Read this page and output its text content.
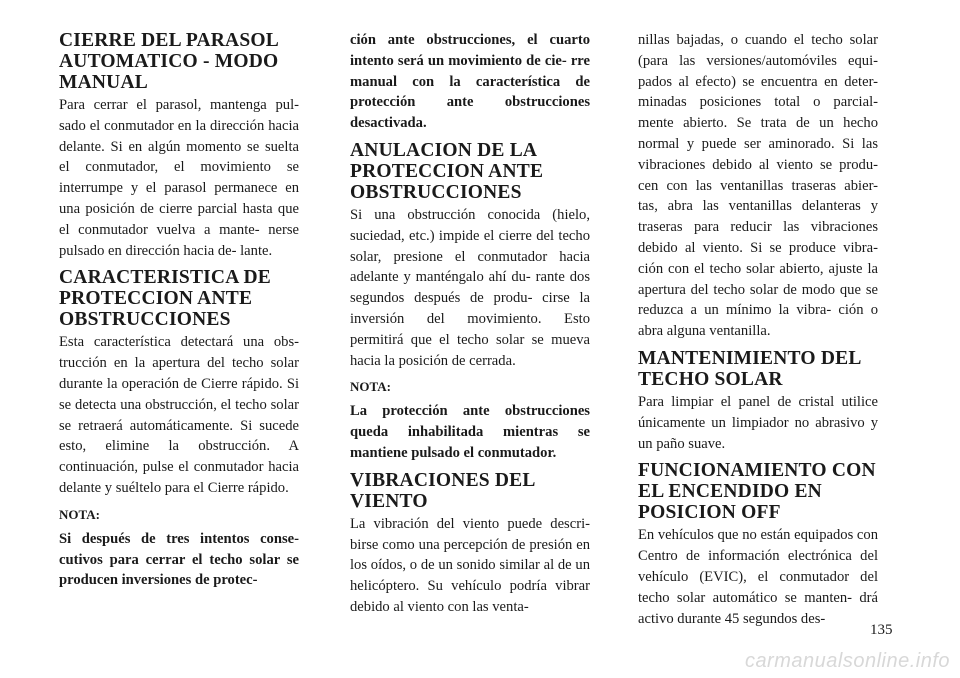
CIERRE DEL PARASOL AUTOMATICO - MODO MANUAL
Para cerrar el parasol, mantenga pul- sado el conmutador en la dirección hacia delante. Si en algún momento se suelta el conmutador, el movimiento se interrumpe y el parasol permanece en una posición de cierre parcial hasta que el conmutador vuelva a mante- nerse pulsado en dirección hacia de- lante.
CARACTERISTICA DE PROTECCION ANTE OBSTRUCCIONES
Esta característica detectará una obs- trucción en la apertura del techo solar durante la operación de Cierre rápido. Si se detecta una obstrucción, el techo solar se retraerá automáticamente. Si sucede esto, elimine la obstrucción. A continuación, pulse el conmutador hacia delante y suéltelo para el Cierre rápido.
NOTA:
Si después de tres intentos conse- cutivos para cerrar el techo solar se producen inversiones de protec-
ción ante obstrucciones, el cuarto intento será un movimiento de cie- rre manual con la característica de protección ante obstrucciones desactivada.
ANULACION DE LA PROTECCION ANTE OBSTRUCCIONES
Si una obstrucción conocida (hielo, suciedad, etc.) impide el cierre del techo solar, presione el conmutador hacia adelante y manténgalo ahí du- rante dos segundos después de produ- cirse la inversión del movimiento. Esto permitirá que el techo solar se mueva hacia la posición de cerrada.
NOTA:
La protección ante obstrucciones queda inhabilitada mientras se mantiene pulsado el conmutador.
VIBRACIONES DEL VIENTO
La vibración del viento puede descri- birse como una percepción de presión en los oídos, o de un sonido similar al de un helicóptero. Su vehículo podría vibrar debido al viento con las venta-
nillas bajadas, o cuando el techo solar (para las versiones/automóviles equi- pados al efecto) se encuentra en deter- minadas posiciones total o parcial- mente abierto. Se trata de un hecho normal y puede ser aminorado. Si las vibraciones debido al viento se produ- cen con las ventanillas traseras abier- tas, abra las ventanillas delanteras y traseras para reducir las vibraciones debido al viento. Si se produce vibra- ción con el techo solar abierto, ajuste la apertura del techo solar de modo que se reduzca a un mínimo la vibra- ción o abra alguna ventanilla.
MANTENIMIENTO DEL TECHO SOLAR
Para limpiar el panel de cristal utilice únicamente un limpiador no abrasivo y un paño suave.
FUNCIONAMIENTO CON EL ENCENDIDO EN POSICION OFF
En vehículos que no están equipados con Centro de información electrónica del vehículo (EVIC), el conmutador del techo solar automático se manten- drá activo durante 45 segundos des-
135
carmanualsonline.info
